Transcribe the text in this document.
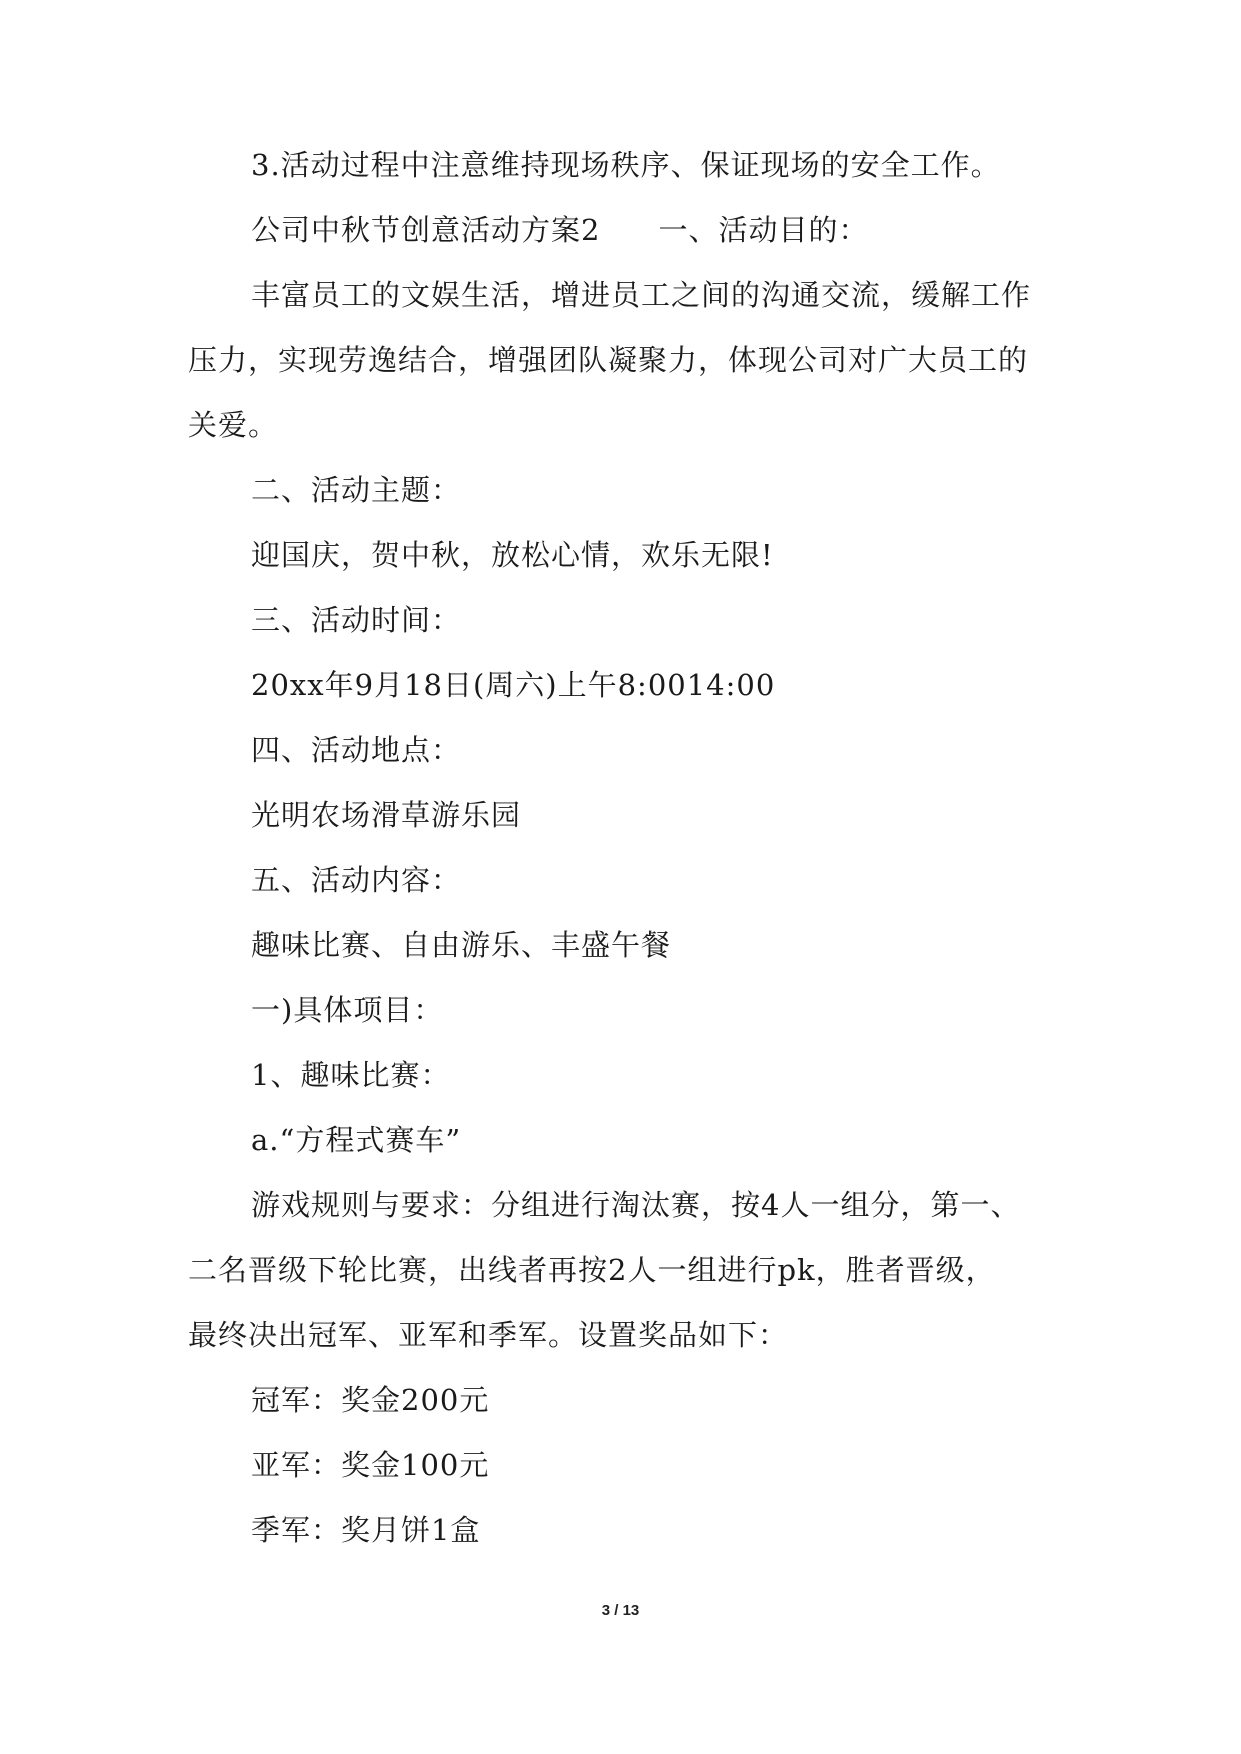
3.活动过程中注意维持现场秩序、保证现场的安全工作。
公司中秋节创意活动方案2 一、活动目的：
丰富员工的文娱生活，增进员工之间的沟通交流，缓解工作
压力，实现劳逸结合，增强团队凝聚力，体现公司对广大员工的
关爱。
二、活动主题：
迎国庆，贺中秋，放松心情，欢乐无限!
三、活动时间：
20xx年9月18日(周六)上午8:0014:00
四、活动地点：
光明农场滑草游乐园
五、活动内容：
趣味比赛、自由游乐、丰盛午餐
一)具体项目：
1、趣味比赛：
a.“方程式赛车”
游戏规则与要求：分组进行淘汰赛，按4人一组分，第一、
二名晋级下轮比赛，出线者再按2人一组进行pk，胜者晋级，
最终决出冠军、亚军和季军。设置奖品如下：
冠军：奖金200元
亚军：奖金100元
季军：奖月饼1盒
3 / 13
